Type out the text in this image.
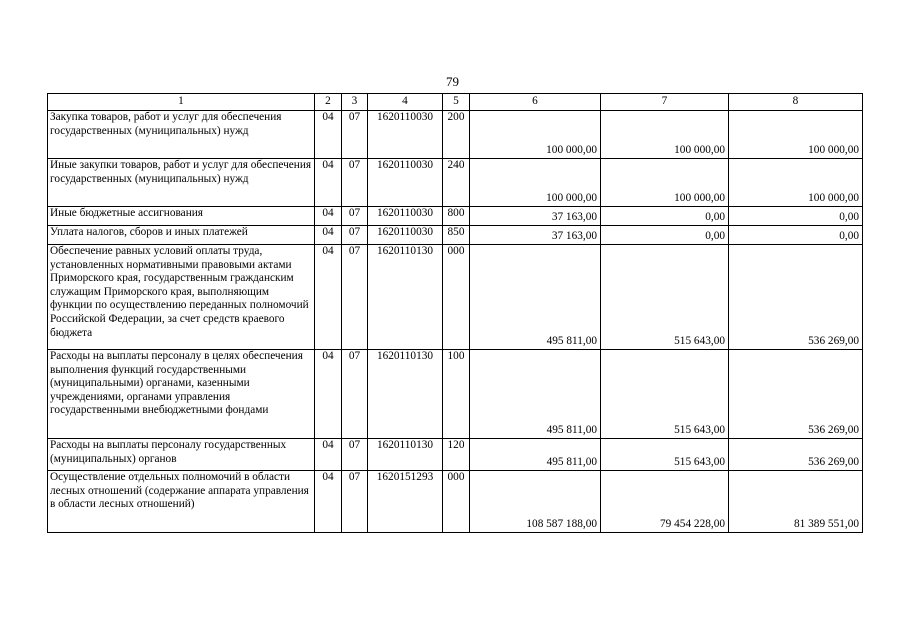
79
1	2	3	4	5	6	7	8
Закупка товаров, работ и услуг для обеспечения государственных (муниципальных) нужд	04	07	1620110030	200	100 000,00	100 000,00	100 000,00
Иные закупки товаров, работ и услуг для обеспечения государственных (муниципальных) нужд	04	07	1620110030	240	100 000,00	100 000,00	100 000,00
Иные бюджетные ассигнования	04	07	1620110030	800	37 163,00	0,00	0,00
Уплата налогов, сборов и иных платежей	04	07	1620110030	850	37 163,00	0,00	0,00
Обеспечение равных условий оплаты труда, установленных нормативными правовыми актами Приморского края, государственным гражданским служащим Приморского края, выполняющим функции по осуществлению переданных полномочий Российской Федерации, за счет средств краевого бюджета	04	07	1620110130	000	495 811,00	515 643,00	536 269,00
Расходы на выплаты персоналу в целях обеспечения выполнения функций государственными (муниципальными) органами, казенными учреждениями, органами управления государственными внебюджетными фондами	04	07	1620110130	100	495 811,00	515 643,00	536 269,00
Расходы на выплаты персоналу государственных (муниципальных) органов	04	07	1620110130	120	495 811,00	515 643,00	536 269,00
Осуществление отдельных полномочий в области лесных отношений (содержание аппарата управления в области лесных отношений)	04	07	1620151293	000	108 587 188,00	79 454 228,00	81 389 551,00
